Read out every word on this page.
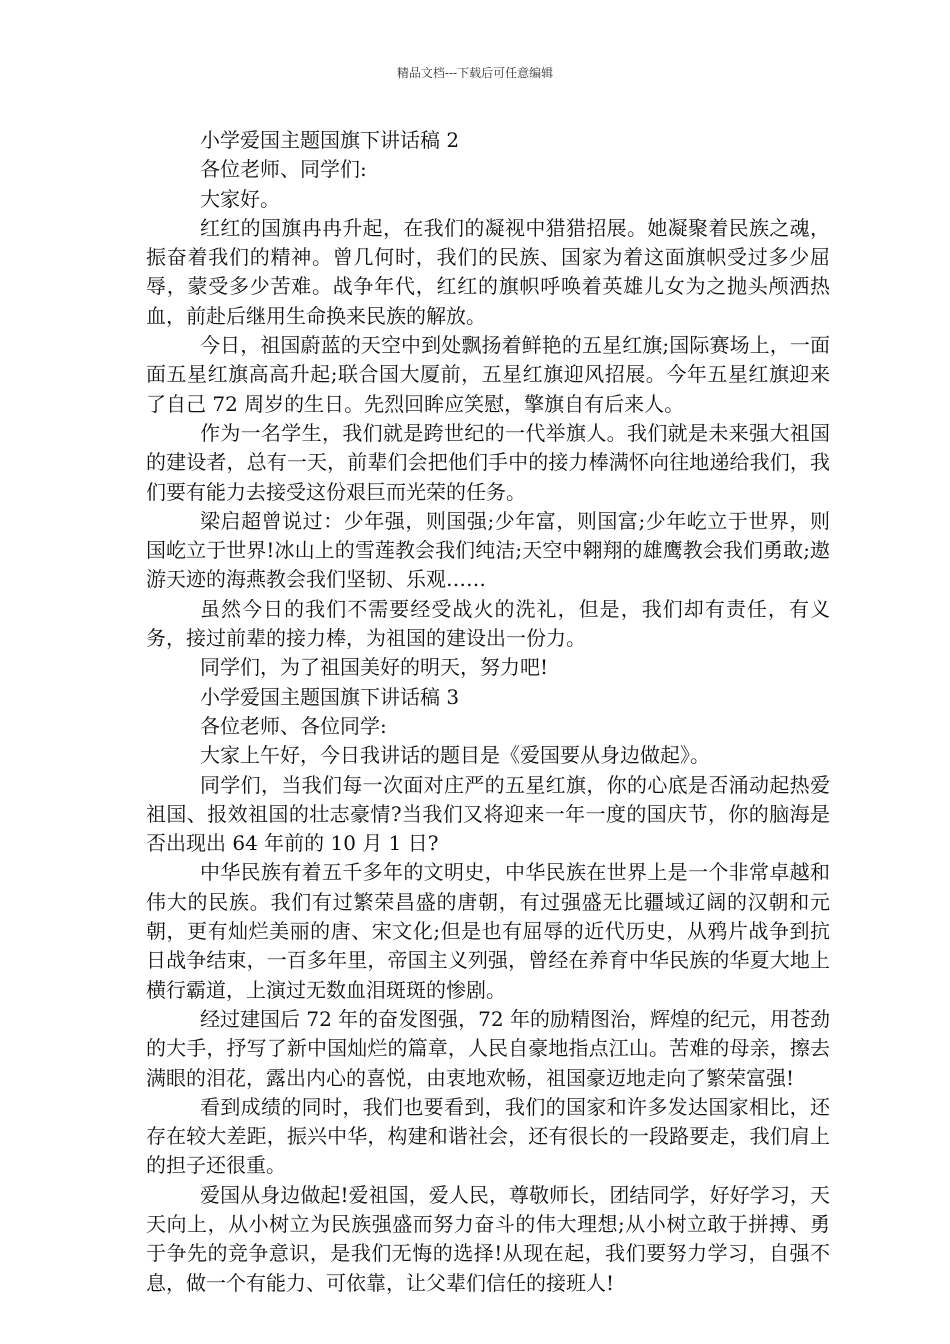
精品文档---下载后可任意编辑

小学爱国主题国旗下讲话稿 2

各位老师、同学们:

大家好。

红红的国旗冉冉升起，在我们的凝视中猎猎招展。她凝聚着民族之魂，振奋着我们的精神。曾几何时，我们的民族、国家为着这面旗帜受过多少屈辱，蒙受多少苦难。战争年代，红红的旗帜呼唤着英雄儿女为之抛头颅洒热血，前赴后继用生命换来民族的解放。

今日，祖国蔚蓝的天空中到处飘扬着鲜艳的五星红旗;国际赛场上，一面面五星红旗高高升起;联合国大厦前，五星红旗迎风招展。今年五星红旗迎来了自己 72 周岁的生日。先烈回眸应笑慰，擎旗自有后来人。

作为一名学生，我们就是跨世纪的一代举旗人。我们就是未来强大祖国的建设者，总有一天，前辈们会把他们手中的接力棒满怀向往地递给我们，我们要有能力去接受这份艰巨而光荣的任务。

梁启超曾说过：少年强，则国强;少年富，则国富;少年屹立于世界，则国屹立于世界!冰山上的雪莲教会我们纯洁;天空中翱翔的雄鹰教会我们勇敢;遨游天迹的海燕教会我们坚韧、乐观……

虽然今日的我们不需要经受战火的洗礼，但是，我们却有责任，有义务，接过前辈的接力棒，为祖国的建设出一份力。

同学们，为了祖国美好的明天，努力吧!

小学爱国主题国旗下讲话稿 3

各位老师、各位同学:

大家上午好，今日我讲话的题目是《爱国要从身边做起》。

同学们，当我们每一次面对庄严的五星红旗，你的心底是否涌动起热爱祖国、报效祖国的壮志豪情?当我们又将迎来一年一度的国庆节，你的脑海是否出现出 64 年前的 10 月 1 日?

中华民族有着五千多年的文明史，中华民族在世界上是一个非常卓越和伟大的民族。我们有过繁荣昌盛的唐朝，有过强盛无比疆域辽阔的汉朝和元朝，更有灿烂美丽的唐、宋文化;但是也有屈辱的近代历史，从鸦片战争到抗日战争结束，一百多年里，帝国主义列强，曾经在养育中华民族的华夏大地上横行霸道，上演过无数血泪斑斑的惨剧。

经过建国后 72 年的奋发图强，72 年的励精图治，辉煌的纪元，用苍劲的大手，抒写了新中国灿烂的篇章，人民自豪地指点江山。苦难的母亲，擦去满眼的泪花，露出内心的喜悦，由衷地欢畅，祖国豪迈地走向了繁荣富强!

看到成绩的同时，我们也要看到，我们的国家和许多发达国家相比，还存在较大差距，振兴中华，构建和谐社会，还有很长的一段路要走，我们肩上的担子还很重。

爱国从身边做起!爱祖国，爱人民，尊敬师长，团结同学，好好学习，天天向上，从小树立为民族强盛而努力奋斗的伟大理想;从小树立敢于拼搏、勇于争先的竞争意识，是我们无悔的选择!从现在起，我们要努力学习，自强不息，做一个有能力、可依靠，让父辈们信任的接班人!
